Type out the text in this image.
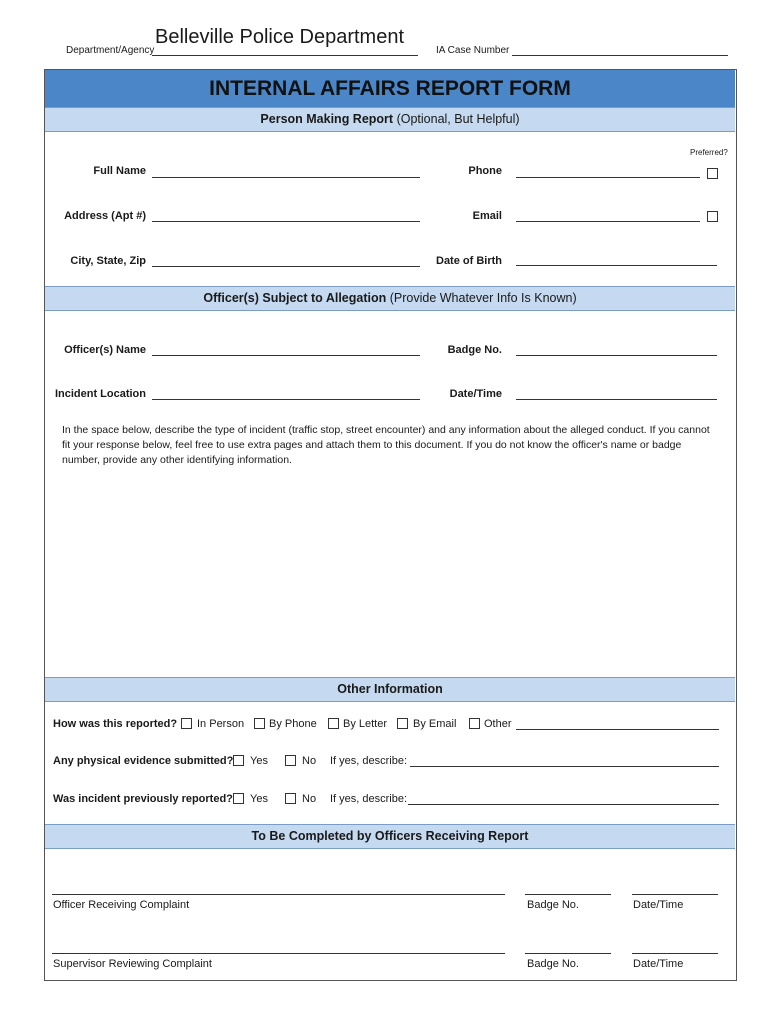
Department/Agency
Belleville Police Department
IA Case Number
INTERNAL AFFAIRS REPORT FORM
Person Making Report (Optional, But Helpful)
Preferred?
Full Name	Phone
Address (Apt #)	Email
City, State, Zip	Date of Birth
Officer(s) Subject to Allegation (Provide Whatever Info Is Known)
Officer(s) Name	Badge No.
Incident Location	Date/Time
In the space below, describe the type of incident (traffic stop, street encounter) and any information about the alleged conduct. If you cannot fit your response below, feel free to use extra pages and attach them to this document. If you do not know the officer's name or badge number, provide any other identifying information.
Other Information
How was this reported? In Person By Phone By Letter By Email	Other
Any physical evidence submitted? Yes	No If yes, describe:
Was incident previously reported? Yes	No If yes, describe:
To Be Completed by Officers Receiving Report
Officer Receiving Complaint	Badge No.	Date/Time
Supervisor Reviewing Complaint	Badge No.	Date/Time
